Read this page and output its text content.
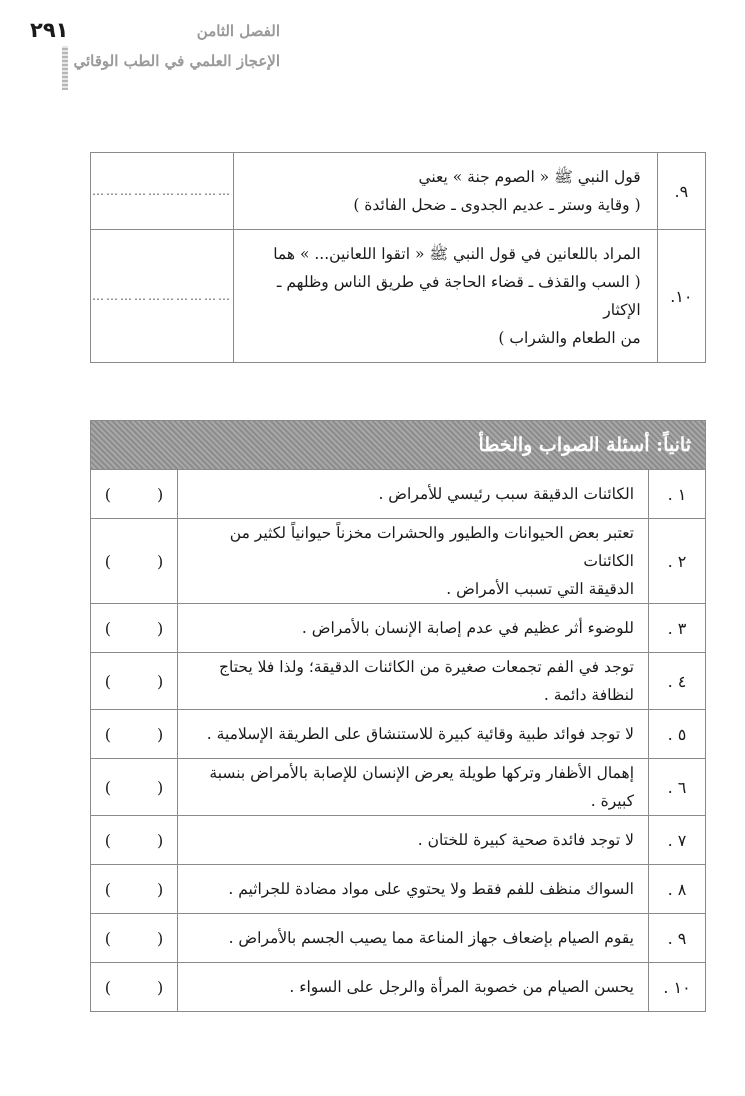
٢٩١	الفصل الثامن
الإعجاز العلمي في الطب الوقائي
٩.	قول النبي ﷺ « الصوم جنة » يعني
( وقاية وستر ـ عديم الجدوى ـ ضحل الفائدة )	…………………………
١٠.	المراد باللعانين في قول النبي ﷺ « اتقوا اللعانين... » هما
( السب والقذف ـ قضاء الحاجة في طريق الناس وظلهم ـ الإكثار
من الطعام والشراب )	…………………………
ثانياً: أسئلة الصواب والخطأ
١ .	الكائنات الدقيقة سبب رئيسي للأمراض .	( )
٢ .	تعتبر بعض الحيوانات والطيور والحشرات مخزناً حيوانياً لكثير من الكائنات
الدقيقة التي تسبب الأمراض .	( )
٣ .	للوضوء أثر عظيم في عدم إصابة الإنسان بالأمراض .	( )
٤ .	توجد في الفم تجمعات صغيرة من الكائنات الدقيقة؛ ولذا فلا يحتاج لنظافة دائمة .	( )
٥ .	لا توجد فوائد طبية وقائية كبيرة للاستنشاق على الطريقة الإسلامية .	( )
٦ .	إهمال الأظفار وتركها طويلة يعرض الإنسان للإصابة بالأمراض بنسبة كبيرة .	( )
٧ .	لا توجد فائدة صحية كبيرة للختان .	( )
٨ .	السواك منظف للفم فقط ولا يحتوي على مواد مضادة للجراثيم .	( )
٩ .	يقوم الصيام بإضعاف جهاز المناعة مما يصيب الجسم بالأمراض .	( )
١٠ .	يحسن الصيام من خصوبة المرأة والرجل على السواء .	( )
